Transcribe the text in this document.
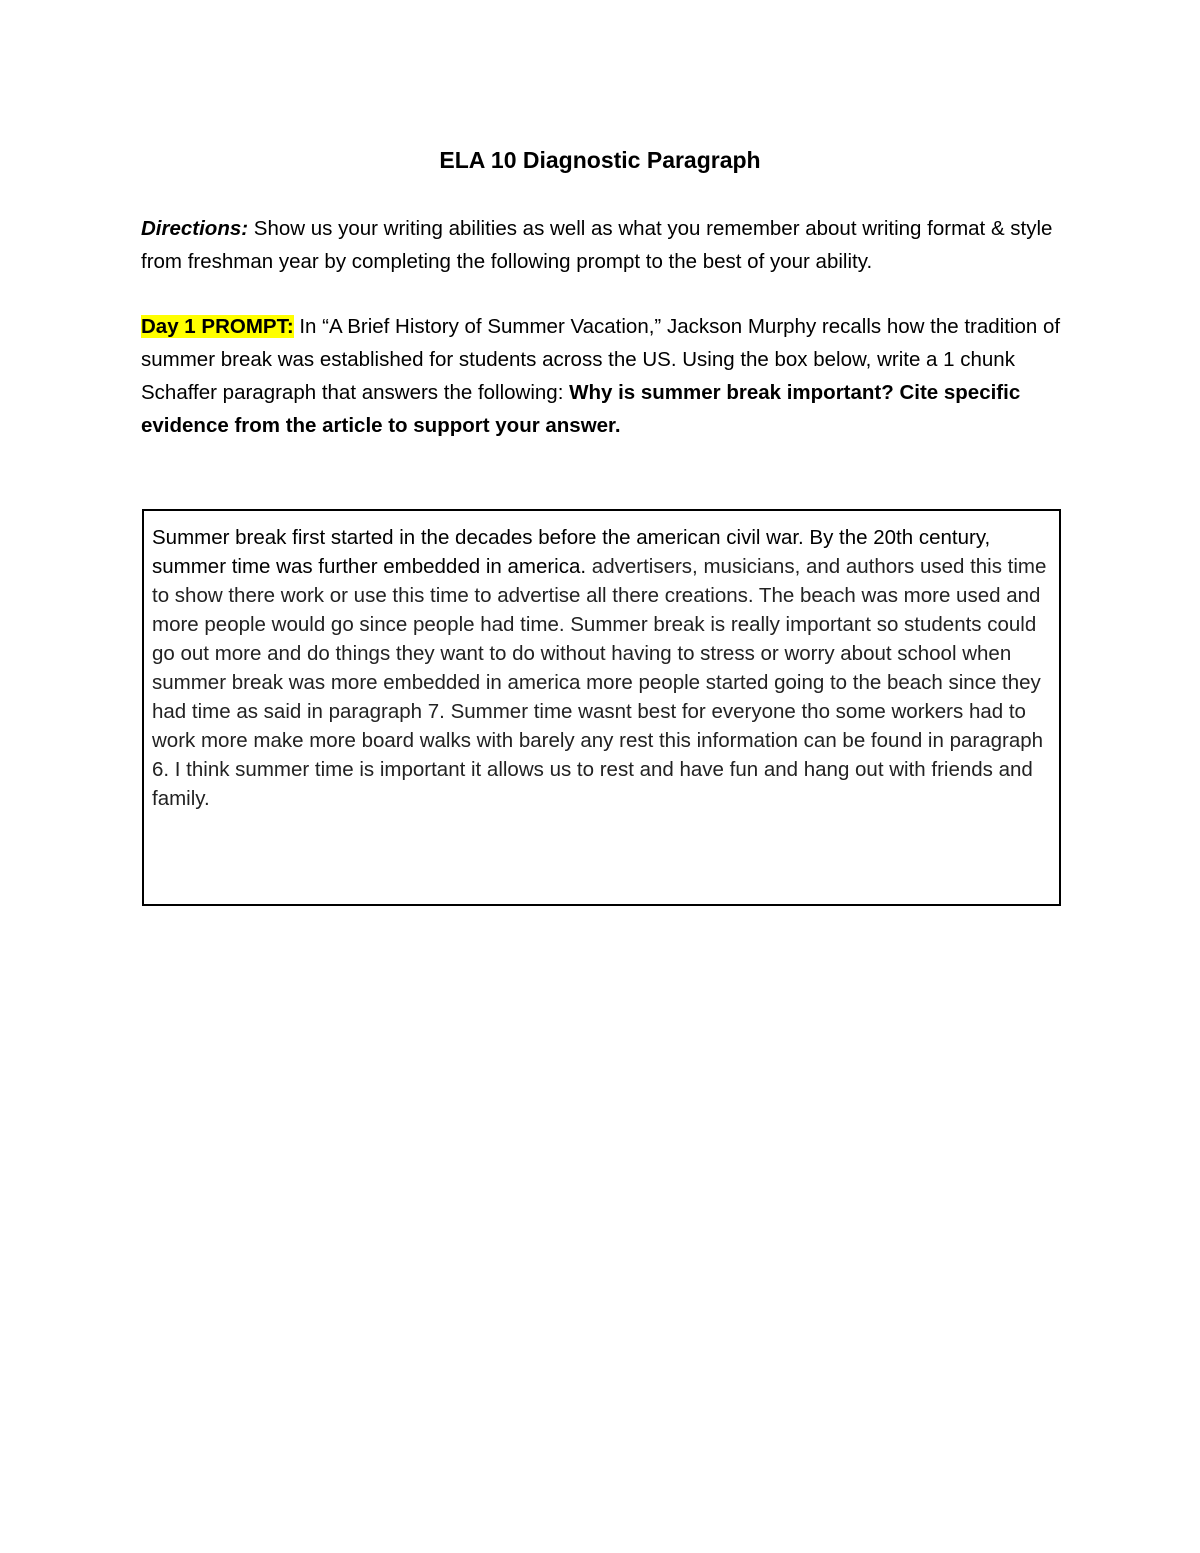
ELA 10 Diagnostic Paragraph
Directions: Show us your writing abilities as well as what you remember about writing format & style from freshman year by completing the following prompt to the best of your ability.
Day 1 PROMPT: In “A Brief History of Summer Vacation,” Jackson Murphy recalls how the tradition of summer break was established for students across the US. Using the box below, write a 1 chunk Schaffer paragraph that answers the following: Why is summer break important? Cite specific evidence from the article to support your answer.
Summer break first started in the decades before the american civil war. By the 20th century, summer time was further embedded in america. advertisers, musicians, and authors used this time to show there work or use this time to advertise all there creations. The beach was more used and more people would go since people had time. Summer break is really important so students could go out more and do things they want to do without having to stress or worry about school when summer break was more embedded in america more people started going to the beach since they had time as said in paragraph 7. Summer time wasnt best for everyone tho some workers had to work more make more board walks with barely any rest this information can be found in paragraph 6. I think summer time is important it allows us to rest and have fun and hang out with friends and family.
